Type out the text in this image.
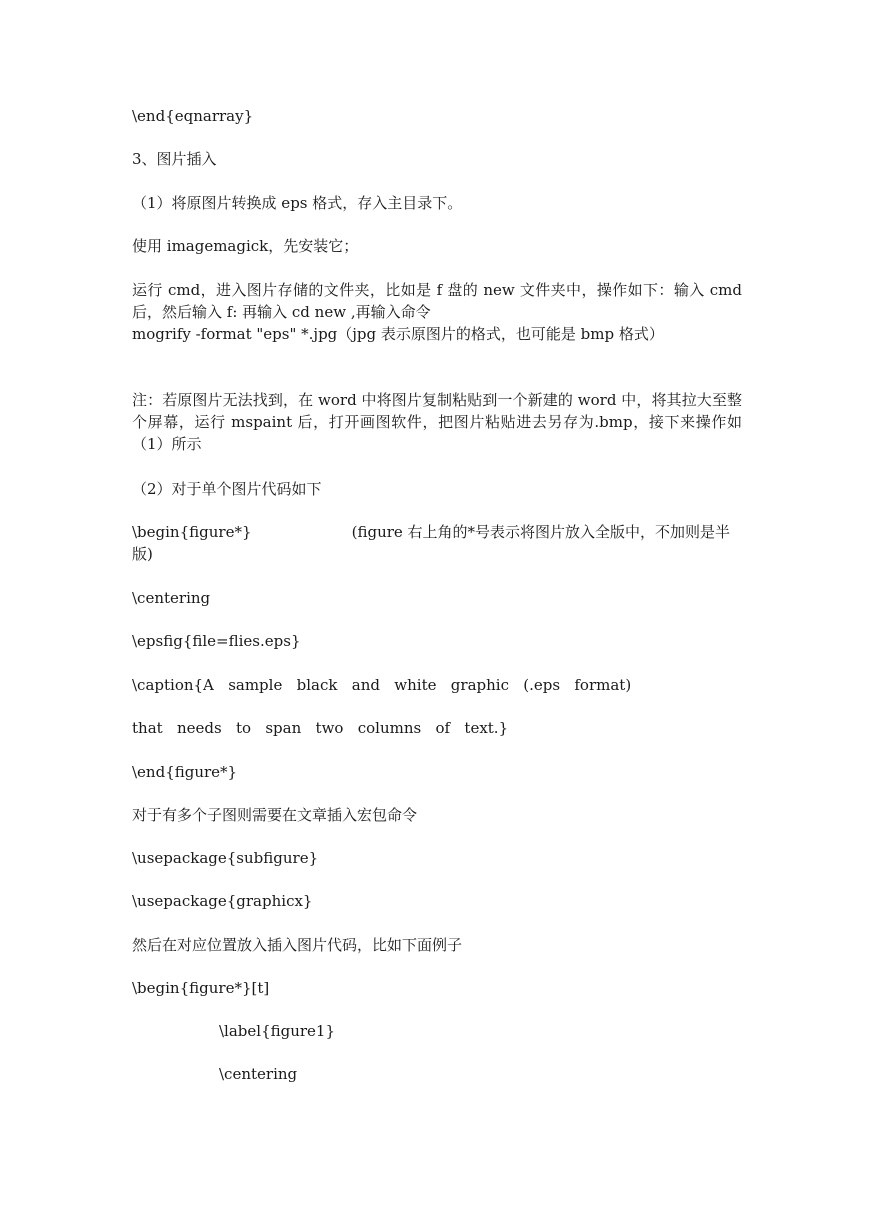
\end{eqnarray}

3、图片插入

（1）将原图片转换成 eps 格式，存入主目录下。

使用 imagemagick，先安装它；

运行 cmd，进入图片存储的文件夹，比如是 f 盘的 new 文件夹中，操作如下：输入 cmd 后，然后输入 f: 再输入 cd new ,再输入命令

mogrify -format "eps" *.jpg（jpg 表示原图片的格式，也可能是 bmp 格式）

注：若原图片无法找到，在 word 中将图片复制粘贴到一个新建的 word 中，将其拉大至整个屏幕，运行 mspaint 后，打开画图软件，把图片粘贴进去另存为.bmp，接下来操作如（1）所示

（2）对于单个图片代码如下

\begin{figure*}                     (figure 右上角的*号表示将图片放入全版中，不加则是半版)

\centering

\epsfig{file=flies.eps}

\caption{A   sample   black   and   white   graphic   (.eps   format)

that   needs   to   span   two   columns   of   text.}

\end{figure*}

对于有多个子图则需要在文章插入宏包命令

\usepackage{subfigure}

\usepackage{graphicx}

然后在对应位置放入插入图片代码，比如下面例子

\begin{figure*}[t]

\label{figure1}

\centering
